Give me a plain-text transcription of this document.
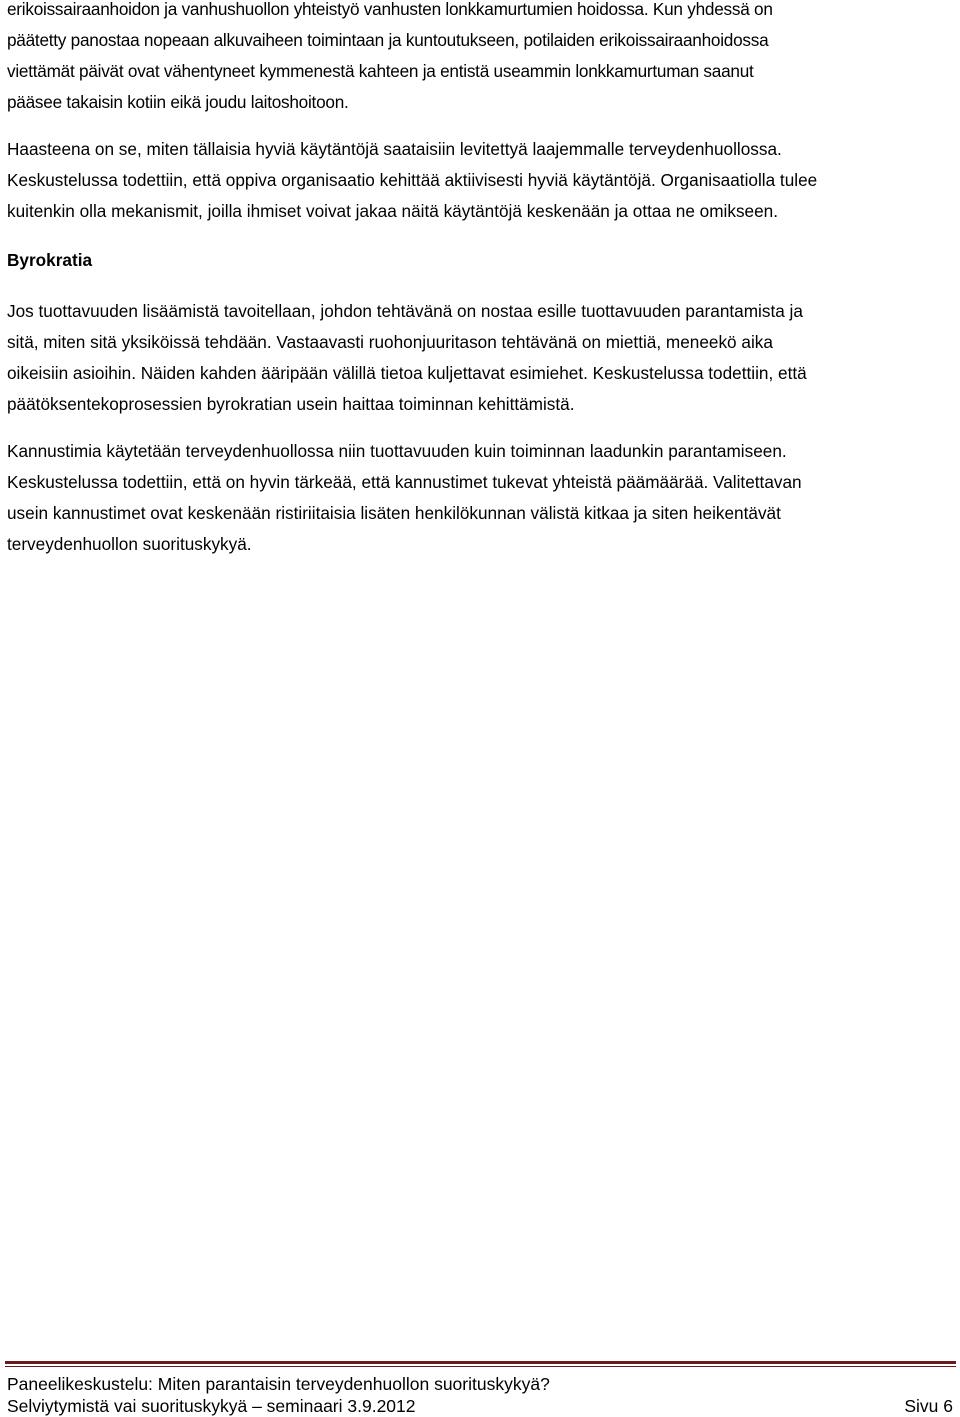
erikoissairaanhoidon ja vanhushuollon yhteistyö vanhusten lonkkamurtumien hoidossa. Kun yhdessä on
päätetty panostaa nopeaan alkuvaiheen toimintaan ja kuntoutukseen, potilaiden erikoissairaanhoidossa
viettämät päivät ovat vähentyneet kymmenestä kahteen ja entistä useammin lonkkamurtuman saanut
pääsee takaisin kotiin eikä joudu laitoshoitoon.
Haasteena on se, miten tällaisia hyviä käytäntöjä saataisiin levitettyä laajemmalle terveydenhuollossa.
Keskustelussa todettiin, että oppiva organisaatio kehittää aktiivisesti hyviä käytäntöjä. Organisaatiolla tulee
kuitenkin olla mekanismit, joilla ihmiset voivat jakaa näitä käytäntöjä keskenään ja ottaa ne omikseen.
Byrokratia
Jos tuottavuuden lisäämistä tavoitellaan, johdon tehtävänä on nostaa esille tuottavuuden parantamista ja
sitä, miten sitä yksiköissä tehdään. Vastaavasti ruohonjuuritason tehtävänä on miettiä, meneekö aika
oikeisiin asioihin. Näiden kahden ääripään välillä tietoa kuljettavat esimiehet. Keskustelussa todettiin, että
päätöksentekoprosessien byrokratian usein haittaa toiminnan kehittämistä.
Kannustimia käytetään terveydenhuollossa niin tuottavuuden kuin toiminnan laadunkin parantamiseen.
Keskustelussa todettiin, että on hyvin tärkeää, että kannustimet tukevat yhteistä päämäärää. Valitettavan
usein kannustimet ovat keskenään ristiriitaisia lisäten henkilökunnan välistä kitkaa ja siten heikentävät
terveydenhuollon suorituskykyä.
Paneelikeskustelu: Miten parantaisin terveydenhuollon suorituskykyä?
Selviytymistä vai suorituskykyä – seminaari 3.9.2012	Sivu 6
